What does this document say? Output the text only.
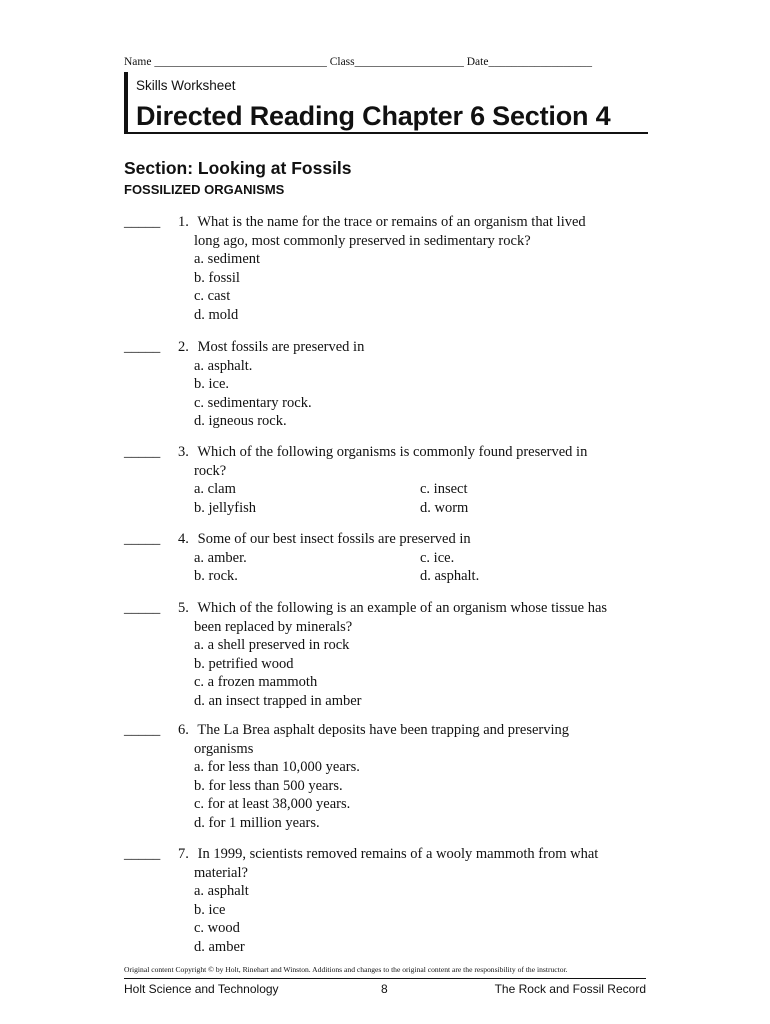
Name ______________________________ Class___________________ Date__________________
Skills Worksheet
Directed Reading Chapter 6 Section 4
Section: Looking at Fossils
FOSSILIZED ORGANISMS
_____ 1. What is the name for the trace or remains of an organism that lived
long ago, most commonly preserved in sedimentary rock?
a. sediment
b. fossil
c. cast
d. mold
_____ 2. Most fossils are preserved in
a. asphalt.
b. ice.
c. sedimentary rock.
d. igneous rock.
_____ 3. Which of the following organisms is commonly found preserved in
rock?
a. clam	c. insect
b. jellyfish	d. worm
_____ 4. Some of our best insect fossils are preserved in
a. amber.	c. ice.
b. rock.	d. asphalt.
_____ 5. Which of the following is an example of an organism whose tissue has
been replaced by minerals?
a. a shell preserved in rock
b. petrified wood
c. a frozen mammoth
d. an insect trapped in amber
_____ 6. The La Brea asphalt deposits have been trapping and preserving
organisms
a. for less than 10,000 years.
b. for less than 500 years.
c. for at least 38,000 years.
d. for 1 million years.
_____ 7. In 1999, scientists removed remains of a wooly mammoth from what
material?
a. asphalt
b. ice
c. wood
d. amber
Original content Copyright © by Holt, Rinehart and Winston. Additions and changes to the original content are the responsibility of the instructor.
Holt Science and Technology	8	The Rock and Fossil Record
